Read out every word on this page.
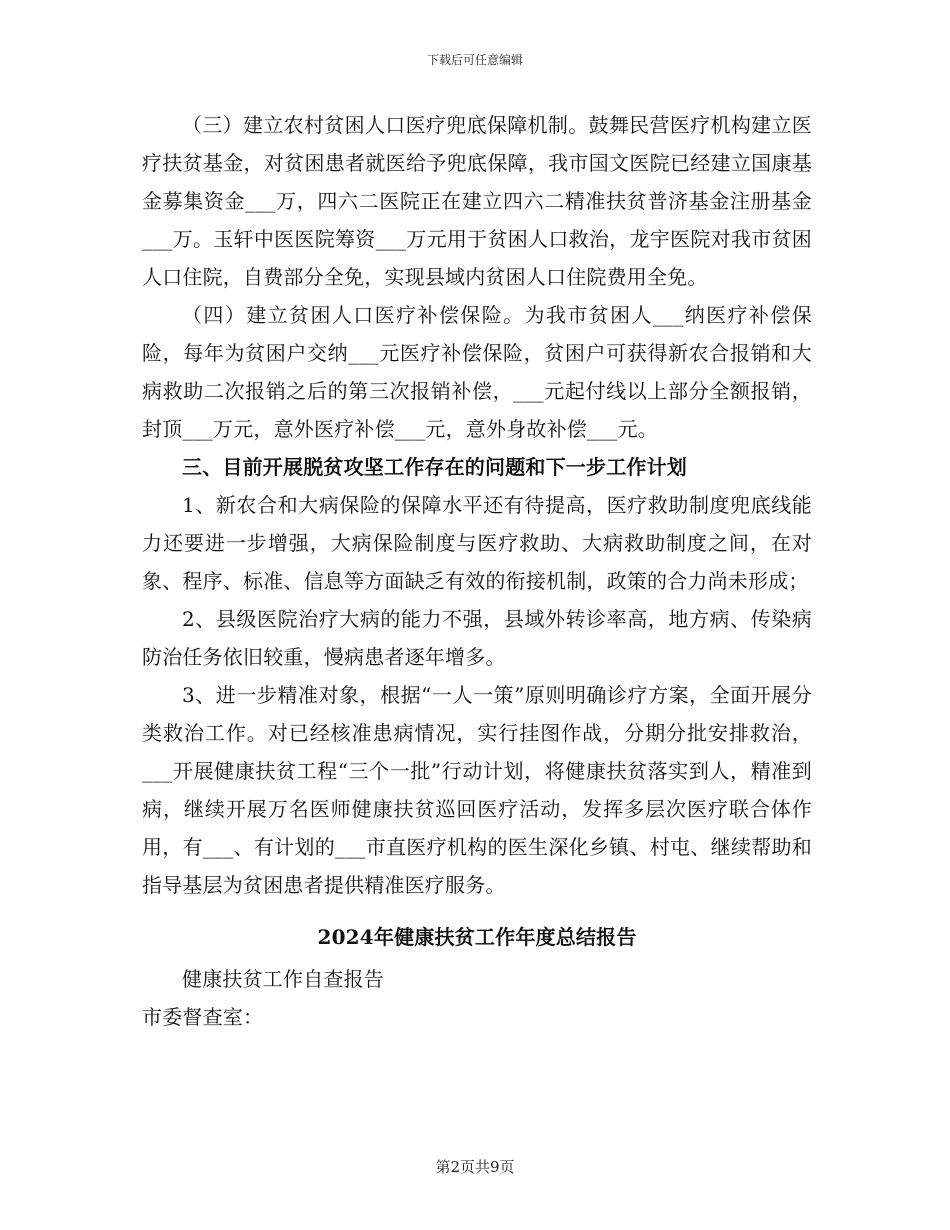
下载后可任意编辑

（三）建立农村贫困人口医疗兜底保障机制。鼓舞民营医疗机构建立医疗扶贫基金，对贫困患者就医给予兜底保障，我市国文医院已经建立国康基金募集资金___万，四六二医院正在建立四六二精准扶贫普济基金注册基金___万。玉轩中医医院筹资___万元用于贫困人口救治，龙宇医院对我市贫困人口住院，自费部分全免，实现县域内贫困人口住院费用全免。

（四）建立贫困人口医疗补偿保险。为我市贫困人___纳医疗补偿保险，每年为贫困户交纳___元医疗补偿保险，贫困户可获得新农合报销和大病救助二次报销之后的第三次报销补偿，___元起付线以上部分全额报销，封顶___万元，意外医疗补偿___元，意外身故补偿___元。

三、目前开展脱贫攻坚工作存在的问题和下一步工作计划

1、新农合和大病保险的保障水平还有待提高，医疗救助制度兜底线能力还要进一步增强，大病保险制度与医疗救助、大病救助制度之间，在对象、程序、标准、信息等方面缺乏有效的衔接机制，政策的合力尚未形成；

2、县级医院治疗大病的能力不强，县域外转诊率高，地方病、传染病防治任务依旧较重，慢病患者逐年增多。

3、进一步精准对象，根据“一人一策”原则明确诊疗方案，全面开展分类救治工作。对已经核准患病情况，实行挂图作战，分期分批安排救治，___开展健康扶贫工程“三个一批”行动计划，将健康扶贫落实到人，精准到病，继续开展万名医师健康扶贫巡回医疗活动，发挥多层次医疗联合体作用，有___、有计划的___市直医疗机构的医生深化乡镇、村屯、继续帮助和指导基层为贫困患者提供精准医疗服务。

2024年健康扶贫工作年度总结报告

健康扶贫工作自查报告

市委督查室：

第2页共9页
